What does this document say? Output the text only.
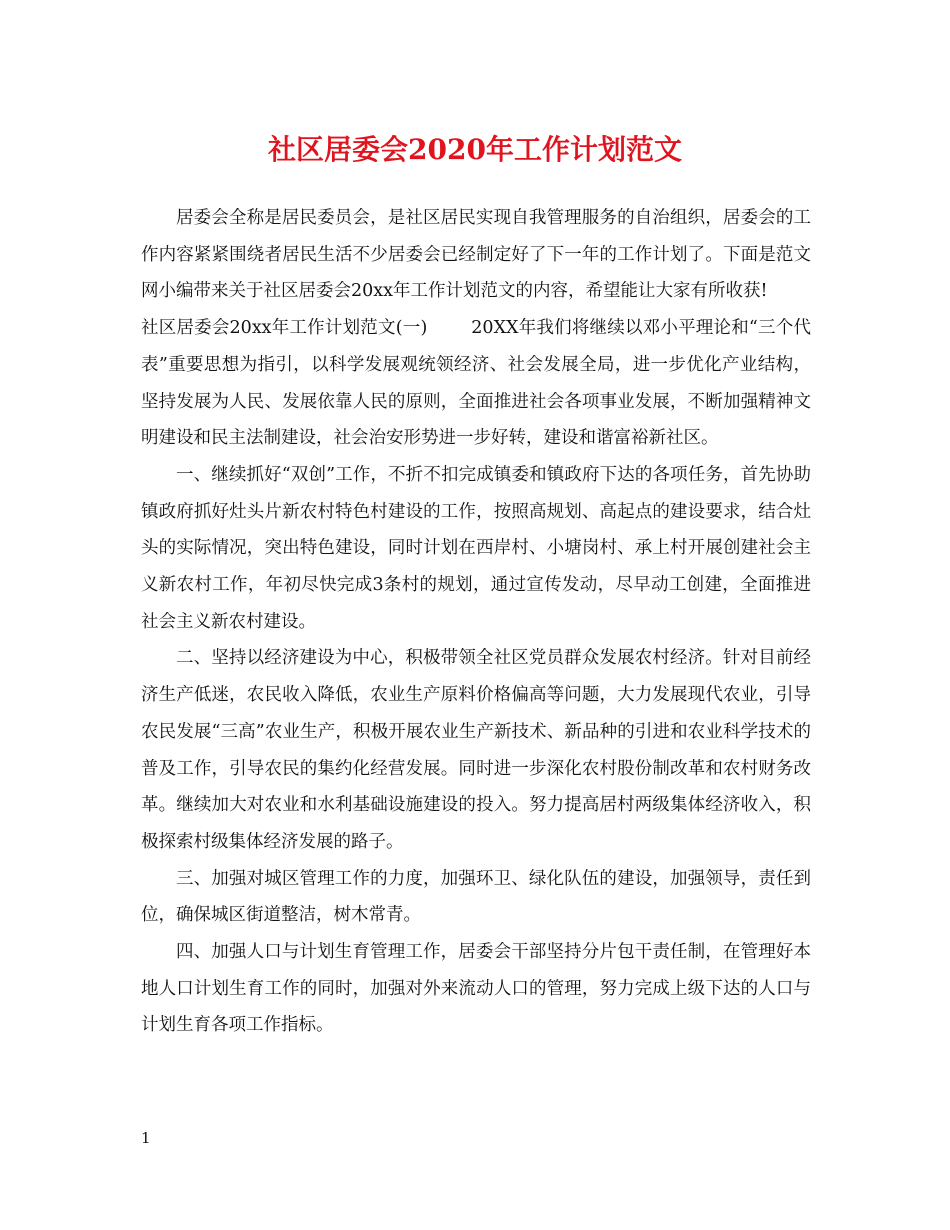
社区居委会2020年工作计划范文

居委会全称是居民委员会，是社区居民实现自我管理服务的自治组织，居委会的工作内容紧紧围绕者居民生活不少居委会已经制定好了下一年的工作计划了。下面是范文网小编带来关于社区居委会20xx年工作计划范文的内容，希望能让大家有所收获!

社区居委会20xx年工作计划范文(一)	20XX年我们将继续以邓小平理论和“三个代表”重要思想为指引，以科学发展观统领经济、社会发展全局，进一步优化产业结构，坚持发展为人民、发展依靠人民的原则，全面推进社会各项事业发展，不断加强精神文明建设和民主法制建设，社会治安形势进一步好转，建设和谐富裕新社区。

一、继续抓好“双创”工作，不折不扣完成镇委和镇政府下达的各项任务，首先协助镇政府抓好灶头片新农村特色村建设的工作，按照高规划、高起点的建设要求，结合灶头的实际情况，突出特色建设，同时计划在西岸村、小塘岗村、承上村开展创建社会主义新农村工作，年初尽快完成3条村的规划，通过宣传发动，尽早动工创建，全面推进社会主义新农村建设。

二、坚持以经济建设为中心，积极带领全社区党员群众发展农村经济。针对目前经济生产低迷，农民收入降低，农业生产原料价格偏高等问题，大力发展现代农业，引导农民发展“三高”农业生产，积极开展农业生产新技术、新品种的引进和农业科学技术的普及工作，引导农民的集约化经营发展。同时进一步深化农村股份制改革和农村财务改革。继续加大对农业和水利基础设施建设的投入。努力提高居村两级集体经济收入，积极探索村级集体经济发展的路子。

三、加强对城区管理工作的力度，加强环卫、绿化队伍的建设，加强领导，责任到位，确保城区街道整洁，树木常青。

四、加强人口与计划生育管理工作，居委会干部坚持分片包干责任制，在管理好本地人口计划生育工作的同时，加强对外来流动人口的管理，努力完成上级下达的人口与计划生育各项工作指标。

1
